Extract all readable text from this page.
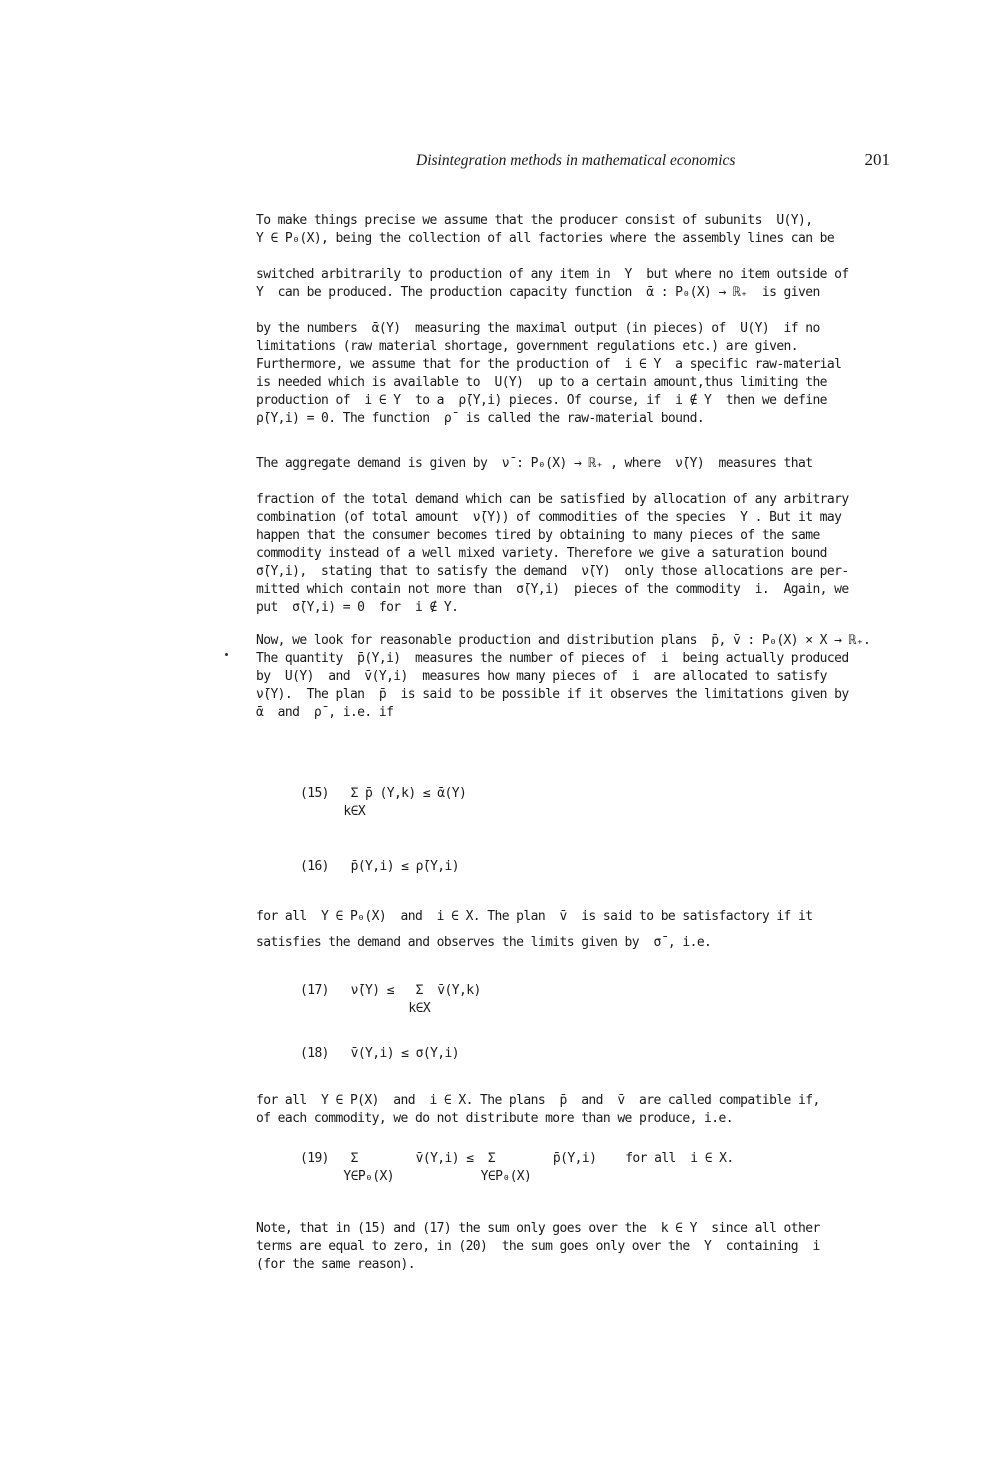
Disintegration methods in mathematical economics	201
To make things precise we assume that the producer consist of subunits  U(Y),
Y ∈ P₀(X), being the collection of all factories where the assembly lines can be

switched arbitrarily to production of any item in  Y  but where no item outside of
Y  can be produced. The production capacity function  ᾱ : P₀(X) → ℝ₊  is given

by the numbers  ᾱ(Y)  measuring the maximal output (in pieces) of  U(Y)  if no
limitations (raw material shortage, government regulations etc.) are given.
Furthermore, we assume that for the production of  i ∈ Y  a specific raw-material
is needed which is available to  U(Y)  up to a certain amount,thus limiting the
production of  i ∈ Y  to a  ρ̄(Y,i) pieces. Of course, if  i ∉ Y  then we define
ρ̄(Y,i) = 0. The function  ρ̄  is called the raw-material bound.
The aggregate demand is given by  ν̄ : P₀(X) → ℝ₊ , where  ν̄(Y)  measures that

fraction of the total demand which can be satisfied by allocation of any arbitrary
combination (of total amount  ν̄(Y)) of commodities of the species  Y . But it may
happen that the consumer becomes tired by obtaining to many pieces of the same
commodity instead of a well mixed variety. Therefore we give a saturation bound
σ̄(Y,i),  stating that to satisfy the demand  ν̄(Y)  only those allocations are per-
mitted which contain not more than  σ̄(Y,i)  pieces of the commodity  i.  Again, we
put  σ̄(Y,i) = 0  for  i ∉ Y.
Now, we look for reasonable production and distribution plans  p̄, v̄ : P₀(X) × X → ℝ₊.
The quantity  p̄(Y,i)  measures the number of pieces of  i  being actually produced
by  U(Y)  and  v̄(Y,i)  measures how many pieces of  i  are allocated to satisfy
ν̄(Y).  The plan  p̄  is said to be possible if it observes the limitations given by
ᾱ  and  ρ̄ , i.e. if
(15)   Σ p̄ (Y,k) ≤ ᾱ(Y)
k∈X
(16)   p̄(Y,i) ≤ ρ̄(Y,i)
for all  Y ∈ P₀(X)  and  i ∈ X. The plan  v̄  is said to be satisfactory if it
satisfies the demand and observes the limits given by  σ̄ , i.e.
(17)   ν̄(Y) ≤   Σ  v̄(Y,k)
k∈X
(18)   v̄(Y,i) ≤ σ(Y,i)
for all  Y ∈ P(X)  and  i ∈ X. The plans  p̄  and  v̄  are called compatible if,
of each commodity, we do not distribute more than we produce, i.e.
(19)   Σ        v̄(Y,i) ≤  Σ        p̄(Y,i)    for all  i ∈ X.
Y∈P₀(X)            Y∈P₀(X)
Note, that in (15) and (17) the sum only goes over the  k ∈ Y  since all other
terms are equal to zero, in (20)  the sum goes only over the  Y  containing  i
(for the same reason).
